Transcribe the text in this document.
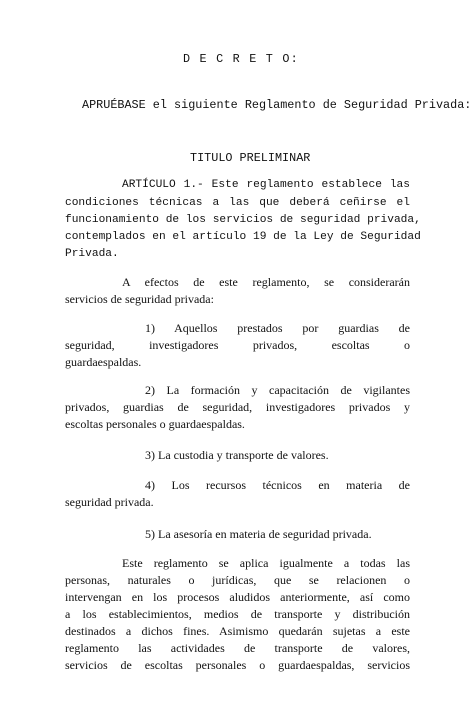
D E C R E T O:
APRUÉBASE el siguiente Reglamento de Seguridad Privada:
TITULO PRELIMINAR
ARTÍCULO 1.- Este reglamento establece las
condiciones técnicas a las que deberá ceñirse el
funcionamiento de los servicios de seguridad privada,
contemplados en el artículo 19 de la Ley de Seguridad
Privada.
A efectos de este reglamento, se considerarán
servicios de seguridad privada:
1) Aquellos prestados por guardias de
seguridad, investigadores privados, escoltas o
guardaespaldas.
2) La formación y capacitación de vigilantes
privados, guardias de seguridad, investigadores privados y
escoltas personales o guardaespaldas.
3) La custodia y transporte de valores.
4) Los recursos técnicos en materia de
seguridad privada.
5) La asesoría en materia de seguridad privada.
Este reglamento se aplica igualmente a todas las
personas, naturales o jurídicas, que se relacionen o
intervengan en los procesos aludidos anteriormente, así como
a los establecimientos, medios de transporte y distribución
destinados a dichos fines. Asimismo quedarán sujetas a este
reglamento las actividades de transporte de valores,
servicios de escoltas personales o guardaespaldas, servicios
